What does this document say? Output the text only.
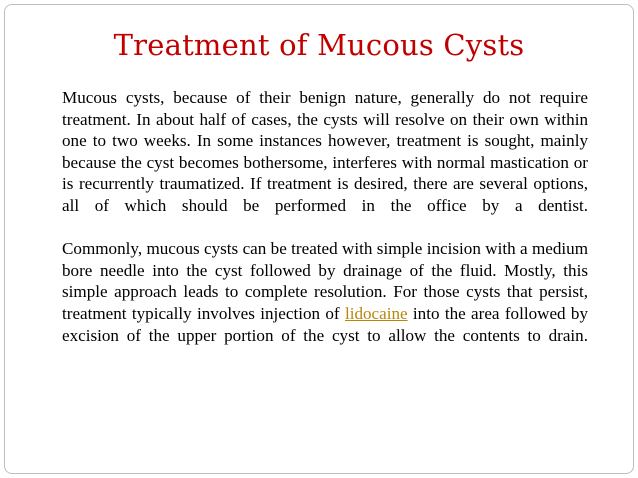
Treatment of Mucous Cysts

Mucous cysts, because of their benign nature, generally do not require treatment. In about half of cases, the cysts will resolve on their own within one to two weeks. In some instances however, treatment is sought, mainly because the cyst becomes bothersome, interferes with normal mastication or is recurrently traumatized. If treatment is desired, there are several options, all of which should be performed in the office by a dentist.

Commonly, mucous cysts can be treated with simple incision with a medium bore needle into the cyst followed by drainage of the fluid. Mostly, this simple approach leads to complete resolution. For those cysts that persist, treatment typically involves injection of lidocaine into the area followed by excision of the upper portion of the cyst to allow the contents to drain.
